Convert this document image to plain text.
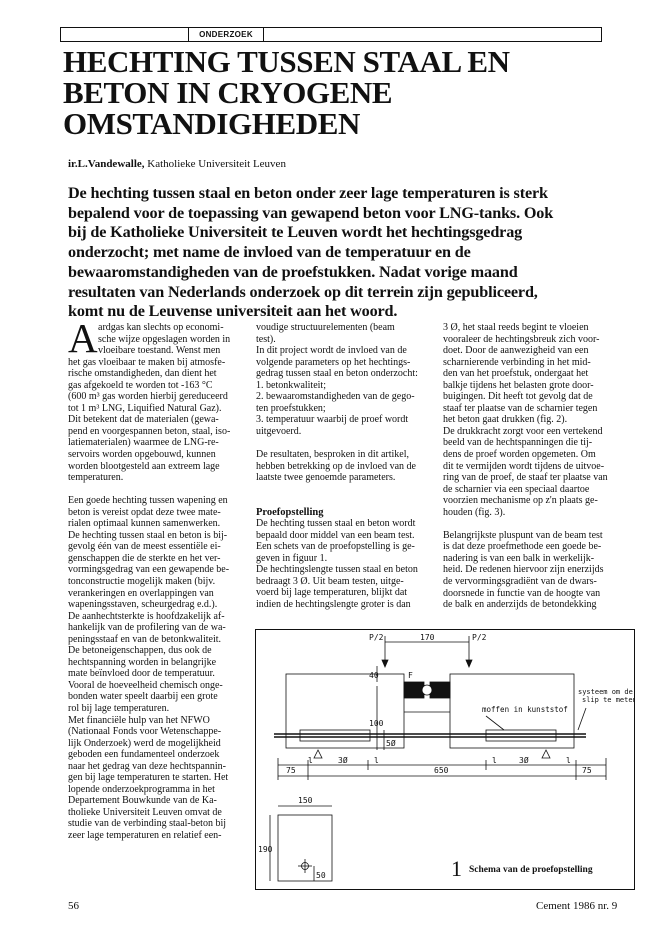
ONDERZOEK
HECHTING TUSSEN STAAL EN
BETON IN CRYOGENE
OMSTANDIGHEDEN
ir.L.Vandewalle, Katholieke Universiteit Leuven
De hechting tussen staal en beton onder zeer lage temperaturen is sterk
bepalend voor de toepassing van gewapend beton voor LNG-tanks. Ook
bij de Katholieke Universiteit te Leuven wordt het hechtingsgedrag
onderzocht; met name de invloed van de temperatuur en de
bewaaromstandigheden van de proefstukken. Nadat vorige maand
resultaten van Nederlands onderzoek op dit terrein zijn gepubliceerd,
komt nu de Leuvense universiteit aan het woord.
A ardgas kan slechts op economi-
sche wijze opgeslagen worden in
vloeibare toestand. Wenst men
het gas vloeibaar te maken bij atmosfe-
rische omstandigheden, dan dient het
gas afgekoeld te worden tot -163 °C
(600 m³ gas worden hierbij gereduceerd
tot 1 m³ LNG, Liquified Natural Gaz).
Dit betekent dat de materialen (gewa-
pend en voorgespannen beton, staal, iso-
latiematerialen) waarmee de LNG-re-
servoirs worden opgebouwd, kunnen
worden blootgesteld aan extreem lage
temperaturen.
Een goede hechting tussen wapening en
beton is vereist opdat deze twee mate-
rialen optimaal kunnen samenwerken.
De hechting tussen staal en beton is bij-
gevolg één van de meest essentiële ei-
genschappen die de sterkte en het ver-
vormingsgedrag van een gewapende be-
tonconstructie mogelijk maken (bijv.
verankeringen en overlappingen van
wapeningsstaven, scheurgedrag e.d.).
De aanhechtsterkte is hoofdzakelijk af-
hankelijk van de profilering van de wa-
peningsstaaf en van de betonkwaliteit.
De betoneigenschappen, dus ook de
hechtspanning worden in belangrijke
mate beïnvloed door de temperatuur.
Vooral de hoeveelheid chemisch onge-
bonden water speelt daarbij een grote
rol bij lage temperaturen.
Met financiële hulp van het NFWO
(Nationaal Fonds voor Wetenschappe-
lijk Onderzoek) werd de mogelijkheid
geboden een fundamenteel onderzoek
naar het gedrag van deze hechtspannin-
gen bij lage temperaturen te starten. Het
lopende onderzoekprogramma in het
Departement Bouwkunde van de Ka-
tholieke Universiteit Leuven omvat de
studie van de verbinding staal-beton bij
zeer lage temperaturen en relatief een-
voudige structuurelementen (beam
test).
In dit project wordt de invloed van de
volgende parameters op het hechtings-
gedrag tussen staal en beton onderzocht:
1. betonkwaliteit;
2. bewaaromstandigheden van de gego-
ten proefstukken;
3. temperatuur waarbij de proef wordt
uitgevoerd.
De resultaten, besproken in dit artikel,
hebben betrekking op de invloed van de
laatste twee genoemde parameters.
Proefopstelling
De hechting tussen staal en beton wordt
bepaald door middel van een beam test.
Een schets van de proefopstelling is ge-
geven in figuur 1.
De hechtingslengte tussen staal en beton
bedraagt 3 Ø. Uit beam testen, uitge-
voerd bij lage temperaturen, blijkt dat
indien de hechtingslengte groter is dan
3 Ø, het staal reeds begint te vloeien
vooraleer de hechtingsbreuk zich voor-
doet. Door de aanwezigheid van een
scharnierende verbinding in het mid-
den van het proefstuk, ondergaat het
balkje tijdens het belasten grote door-
buigingen. Dit heeft tot gevolg dat de
staaf ter plaatse van de scharnier tegen
het beton gaat drukken (fig. 2).
De drukkracht zorgt voor een vertekend
beeld van de hechtspanningen die tij-
dens de proef worden opgemeten. Om
dit te vermijden wordt tijdens de uitvoe-
ring van de proef, de staaf ter plaatse van
de scharnier via een speciaal daartoe
voorzien mechanisme op z'n plaats ge-
houden (fig. 3).
Belangrijkste pluspunt van de beam test
is dat deze proefmethode een goede be-
nadering is van een balk in werkelijk-
heid. De redenen hiervoor zijn enerzijds
de vervormingsgradiënt van de dwars-
doorsnede in functie van de hoogte van
de balk en anderzijds de betondekking
P/2	P/2
170
40
100
5Ø
F
moffen in kunststof
systeem om de
slip te meten
3Ø	3Ø
l	l	l	l
75	75
650
150
190
50	1 Schema van de proefopstelling
56	Cement 1986 nr. 9
